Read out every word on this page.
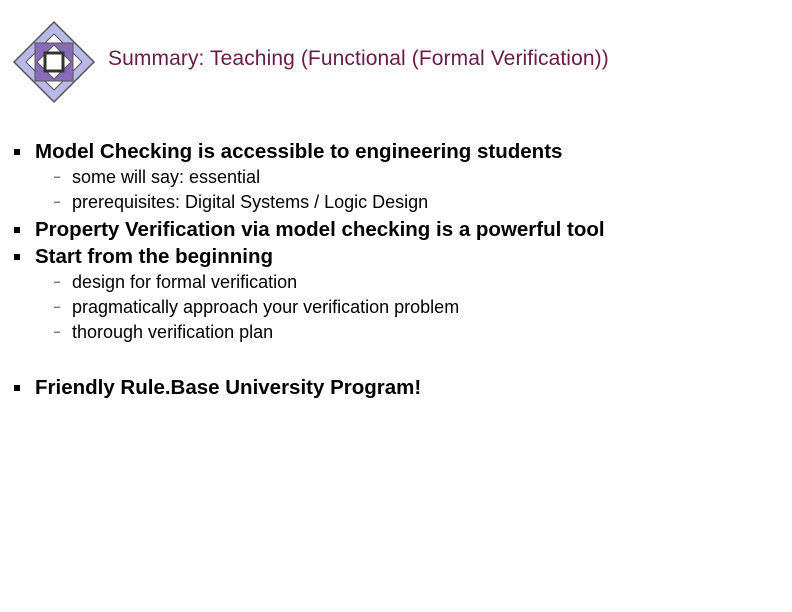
Summary: Teaching (Functional (Formal Verification))
Model Checking is accessible to engineering students
– some will say: essential
– prerequisites: Digital Systems / Logic Design
Property Verification via model checking is a powerful tool
Start from the beginning
– design for formal verification
– pragmatically approach your verification problem
– thorough verification plan
Friendly Rule.Base University Program!
